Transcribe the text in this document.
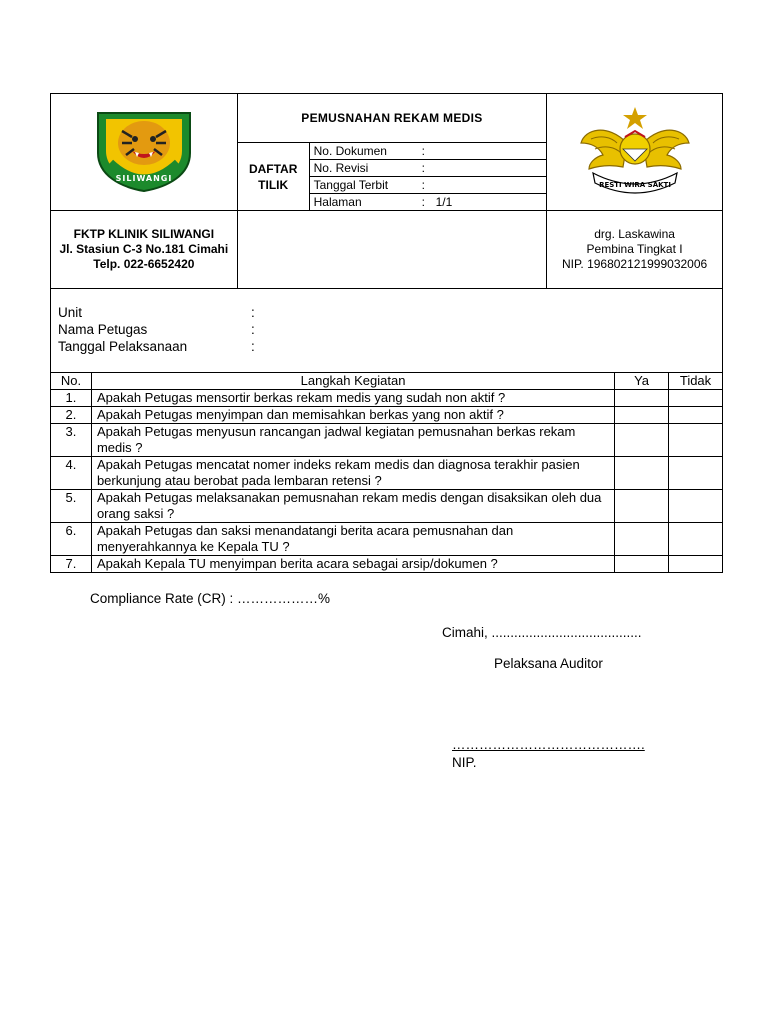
SILIWANGI
	PEMUSNAHAN REKAM MEDIS	
RESTI WIRA SAKTI

DAFTAR
TILIK

No. Dokumen	:
No. Revisi	:
Tanggal Terbit	:
Halaman	: 1/1

FKTP KLINIK SILIWANGI
Jl. Stasiun C-3 No.181 Cimahi
Telp. 022-6652420

drg. Laskawina
Pembina Tingkat I
NIP. 196802121999032006
Unit	:
Nama Petugas	:
Tanggal Pelaksanaan	:
No.	Langkah Kegiatan	Ya	Tidak
1.	Apakah Petugas mensortir berkas rekam medis yang sudah non aktif ?		
2.	Apakah Petugas menyimpan dan memisahkan berkas yang non aktif ?		
3.	Apakah Petugas menyusun rancangan jadwal kegiatan pemusnahan berkas rekam medis ?		
4.	Apakah Petugas mencatat nomer indeks rekam medis dan diagnosa terakhir pasien berkunjung atau berobat pada lembaran retensi ?		
5.	Apakah Petugas melaksanakan pemusnahan rekam medis dengan disaksikan oleh dua orang saksi ?		
6.	Apakah Petugas dan saksi menandatangi berita acara pemusnahan dan menyerahkannya ke Kepala TU ?		
7.	Apakah Kepala TU menyimpan berita acara sebagai arsip/dokumen ?		
Compliance Rate (CR) : ………………%
Cimahi, ........................................
Pelaksana Auditor
…………………………………….
NIP.
